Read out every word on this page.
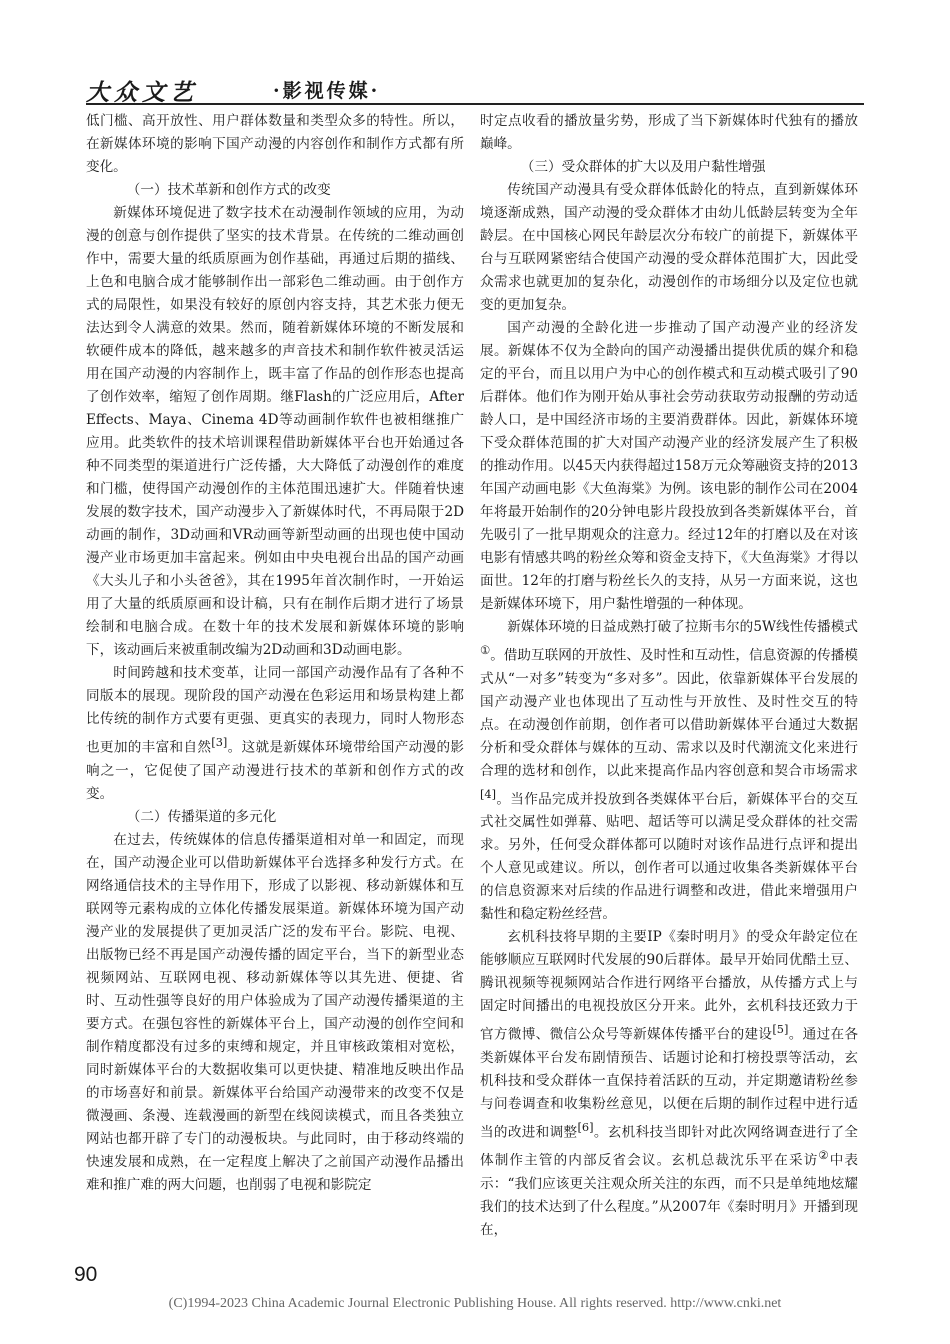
大众文艺	·影视传媒·

低门槛、高开放性、用户群体数量和类型众多的特性。所以，在新媒体环境的影响下国产动漫的内容创作和制作方式都有所变化。

（一）技术革新和创作方式的改变

新媒体环境促进了数字技术在动漫制作领域的应用，为动漫的创意与创作提供了坚实的技术背景。在传统的二维动画创作中，需要大量的纸质原画为创作基础，再通过后期的描线、上色和电脑合成才能够制作出一部彩色二维动画。由于创作方式的局限性，如果没有较好的原创内容支持，其艺术张力便无法达到令人满意的效果。然而，随着新媒体环境的不断发展和软硬件成本的降低，越来越多的声音技术和制作软件被灵活运用在国产动漫的内容制作上，既丰富了作品的创作形态也提高了创作效率，缩短了创作周期。继Flash的广泛应用后，After Effects、Maya、Cinema 4D等动画制作软件也被相继推广应用。此类软件的技术培训课程借助新媒体平台也开始通过各种不同类型的渠道进行广泛传播，大大降低了动漫创作的难度和门槛，使得国产动漫创作的主体范围迅速扩大。伴随着快速发展的数字技术，国产动漫步入了新媒体时代，不再局限于2D动画的制作，3D动画和VR动画等新型动画的出现也使中国动漫产业市场更加丰富起来。例如由中央电视台出品的国产动画《大头儿子和小头爸爸》，其在1995年首次制作时，一开始运用了大量的纸质原画和设计稿，只有在制作后期才进行了场景绘制和电脑合成。在数十年的技术发展和新媒体环境的影响下，该动画后来被重制改编为2D动画和3D动画电影。

时间跨越和技术变革，让同一部国产动漫作品有了各种不同版本的展现。现阶段的国产动漫在色彩运用和场景构建上都比传统的制作方式要有更强、更真实的表现力，同时人物形态也更加的丰富和自然[3]。这就是新媒体环境带给国产动漫的影响之一，它促使了国产动漫进行技术的革新和创作方式的改变。

（二）传播渠道的多元化

在过去，传统媒体的信息传播渠道相对单一和固定，而现在，国产动漫企业可以借助新媒体平台选择多种发行方式。在网络通信技术的主导作用下，形成了以影视、移动新媒体和互联网等元素构成的立体化传播发展渠道。新媒体环境为国产动漫产业的发展提供了更加灵活广泛的发布平台。影院、电视、出版物已经不再是国产动漫传播的固定平台，当下的新型业态视频网站、互联网电视、移动新媒体等以其先进、便捷、省时、互动性强等良好的用户体验成为了国产动漫传播渠道的主要方式。在强包容性的新媒体平台上，国产动漫的创作空间和制作精度都没有过多的束缚和规定，并且审核政策相对宽松，同时新媒体平台的大数据收集可以更快捷、精准地反映出作品的市场喜好和前景。新媒体平台给国产动漫带来的改变不仅是微漫画、条漫、连载漫画的新型在线阅读模式，而且各类独立网站也都开辟了专门的动漫板块。与此同时，由于移动终端的快速发展和成熟，在一定程度上解决了之前国产动漫作品播出难和推广难的两大问题，也削弱了电视和影院定

时定点收看的播放量劣势，形成了当下新媒体时代独有的播放巅峰。

（三）受众群体的扩大以及用户黏性增强

传统国产动漫具有受众群体低龄化的特点，直到新媒体环境逐渐成熟，国产动漫的受众群体才由幼儿低龄层转变为全年龄层。在中国核心网民年龄层次分布较广的前提下，新媒体平台与互联网紧密结合使国产动漫的受众群体范围扩大，因此受众需求也就更加的复杂化，动漫创作的市场细分以及定位也就变的更加复杂。

国产动漫的全龄化进一步推动了国产动漫产业的经济发展。新媒体不仅为全龄向的国产动漫播出提供优质的媒介和稳定的平台，而且以用户为中心的创作模式和互动模式吸引了90后群体。他们作为刚开始从事社会劳动获取劳动报酬的劳动适龄人口，是中国经济市场的主要消费群体。因此，新媒体环境下受众群体范围的扩大对国产动漫产业的经济发展产生了积极的推动作用。以45天内获得超过158万元众筹融资支持的2013年国产动画电影《大鱼海棠》为例。该电影的制作公司在2004年将最开始制作的20分钟电影片段投放到各类新媒体平台，首先吸引了一批早期观众的注意力。经过12年的打磨以及在对该电影有情感共鸣的粉丝众筹和资金支持下，《大鱼海棠》才得以面世。12年的打磨与粉丝长久的支持，从另一方面来说，这也是新媒体环境下，用户黏性增强的一种体现。

新媒体环境的日益成熟打破了拉斯韦尔的5W线性传播模式①。借助互联网的开放性、及时性和互动性，信息资源的传播模式从“一对多”转变为“多对多”。因此，依靠新媒体平台发展的国产动漫产业也体现出了互动性与开放性、及时性交互的特点。在动漫创作前期，创作者可以借助新媒体平台通过大数据分析和受众群体与媒体的互动、需求以及时代潮流文化来进行合理的选材和创作，以此来提高作品内容创意和契合市场需求[4]。当作品完成并投放到各类媒体平台后，新媒体平台的交互式社交属性如弹幕、贴吧、超话等可以满足受众群体的社交需求。另外，任何受众群体都可以随时对该作品进行点评和提出个人意见或建议。所以，创作者可以通过收集各类新媒体平台的信息资源来对后续的作品进行调整和改进，借此来增强用户黏性和稳定粉丝经营。

玄机科技将早期的主要IP《秦时明月》的受众年龄定位在能够顺应互联网时代发展的90后群体。最早开始同优酷土豆、腾讯视频等视频网站合作进行网络平台播放，从传播方式上与固定时间播出的电视投放区分开来。此外，玄机科技还致力于官方微博、微信公众号等新媒体传播平台的建设[5]。通过在各类新媒体平台发布剧情预告、话题讨论和打榜投票等活动，玄机科技和受众群体一直保持着活跃的互动，并定期邀请粉丝参与问卷调查和收集粉丝意见，以便在后期的制作过程中进行适当的改进和调整[6]。玄机科技当即针对此次网络调查进行了全体制作主管的内部反省会议。玄机总裁沈乐平在采访②中表示：“我们应该更关注观众所关注的东西，而不只是单纯地炫耀我们的技术达到了什么程度。”从2007年《秦时明月》开播到现在，

90
(C)1994-2023 China Academic Journal Electronic Publishing House. All rights reserved. http://www.cnki.net
